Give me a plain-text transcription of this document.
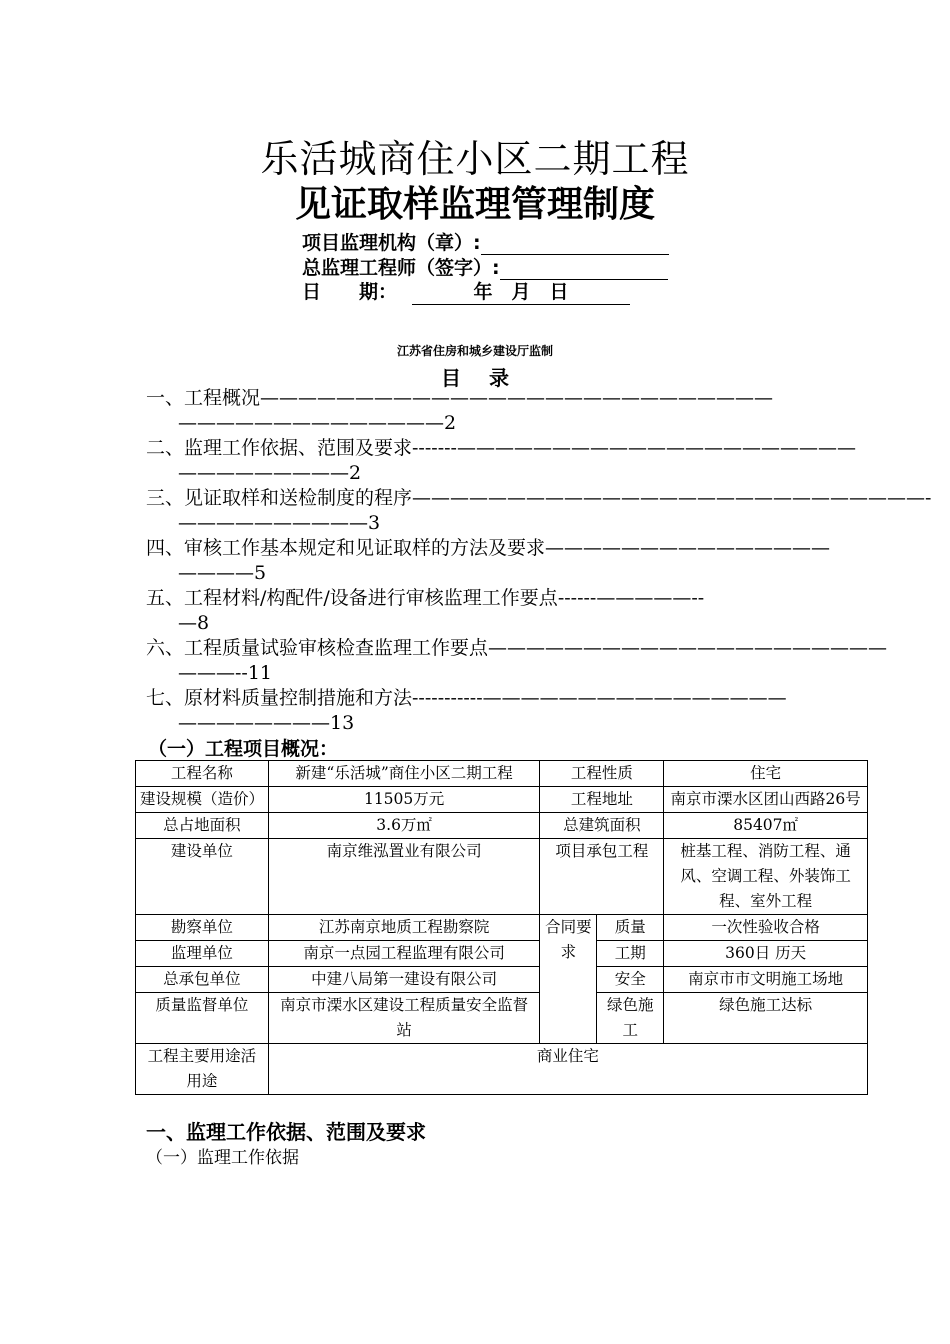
乐活城商住小区二期工程
见证取样监理管理制度
项目监理机构（章）:
总监理工程师（签字）:
日　　期：	年　月　日
江苏省住房和城乡建设厅监制
目录
一、工程概况———————————————————————————
——————————————2
二、监理工作依据、范围及要求-------—————————————————————
—————————2
三、见证取样和送检制度的程序———————————————————————————-
——————————3
四、审核工作基本规定和见证取样的方法及要求———————————————
————5
五、工程材料/构配件/设备进行审核监理工作要点------—————--
—8
六、工程质量试验审核检查监理工作要点—————————————————————
———--11
七、原材料质量控制措施和方法-----------————————————————
————————13
（一）工程项目概况：
工程名称	新建“乐活城”商住小区二期工程	工程性质		住宅
建设规模（造价）	11505万元	工程地址		南京市溧水区团山西路26号
总占地面积	3.6万㎡	总建筑面积		85407㎡
建设单位	南京维泓置业有限公司	项目承包工程		桩基工程、消防工程、通风、空调工程、外装饰工程、室外工程
勘察单位	江苏南京地质工程勘察院	合同要求	质量	一次性验收合格
监理单位	南京一点园工程监理有限公司		工期	360日 历天
总承包单位	中建八局第一建设有限公司		安全	南京市市文明施工场地
质量监督单位	南京市溧水区建设工程质量安全监督站		绿色施工	绿色施工达标
工程主要用途活用途	商业住宅			
一、监理工作依据、范围及要求
（一）监理工作依据
